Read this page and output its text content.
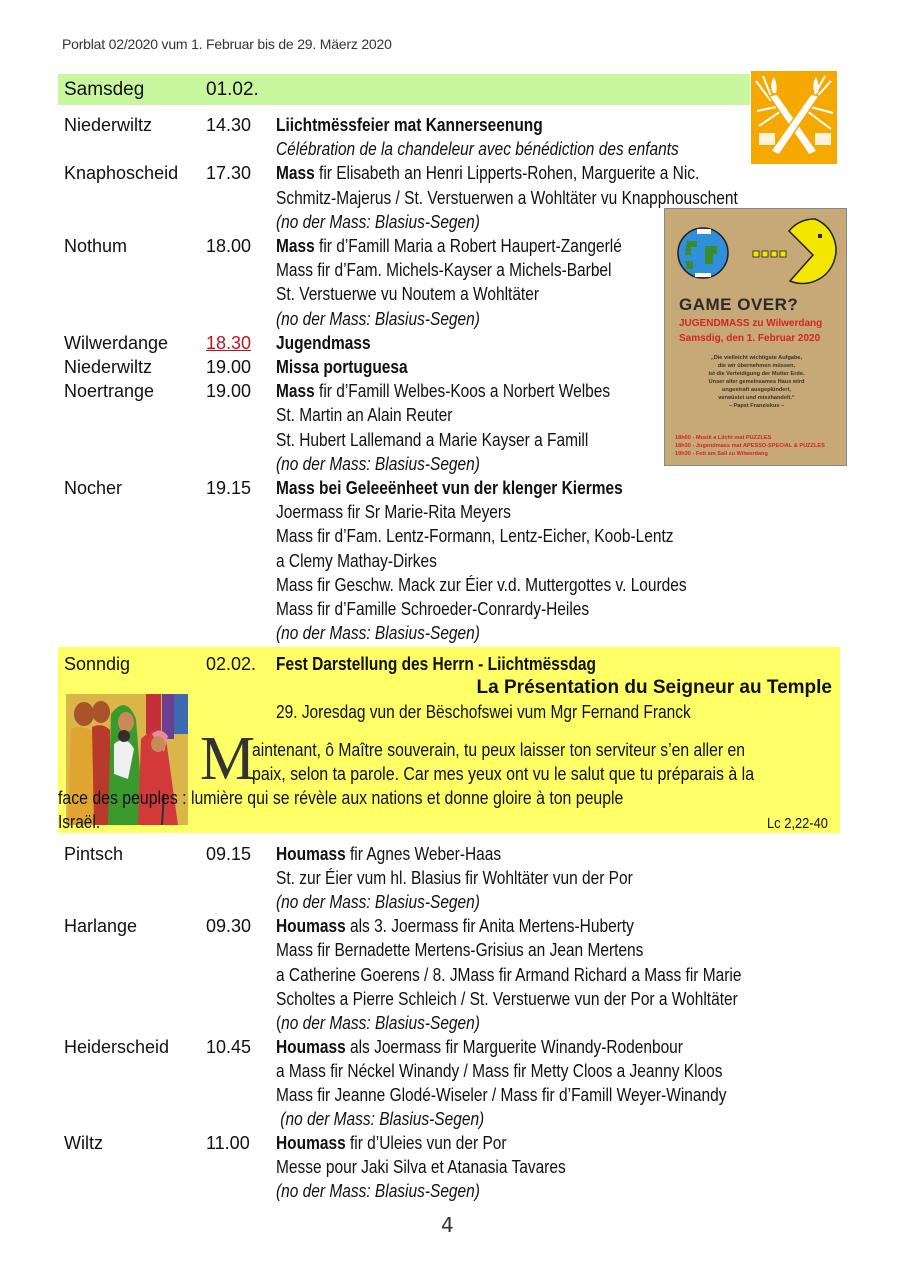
Porblat 02/2020 vum 1. Februar bis de 29. Mäerz 2020
Samsdeg	01.02.
GAME OVER?
JUGENDMASS zu Wilwerdang
Samsdig, den 1. Februar 2020
„Die vielleicht wichtigste Aufgabe,
die wir übernehmen müssen,
ist die Verteidigung der Mutter Erde.
Unser aller gemeinsames Haus wird
ungestraft ausgeplündert,
verwüstet und misshandelt.“
– Papst Franziskus –
18h00 - Musik a Liicht mat PUZZLES
18h30 - Jugendmass mat APESSO-SPECIAL & PUZZLES
19h30 - Fett am Sall zu Wilwerdang
Niederwiltz	14.30 Liichtmëssfeier mat Kannerseenung
Célébration de la chandeleur avec bénédiction des enfants
Knaphoscheid 17.30 Mass fir Elisabeth an Henri Lipperts-Rohen, Marguerite a Nic.
Schmitz-Majerus / St. Verstuerwen a Wohltäter vu Knapphouschent
(no der Mass: Blasius-Segen)
Nothum	18.00 Mass fir d’Famill Maria a Robert Haupert-Zangerlé
Mass fir d’Fam. Michels-Kayser a Michels-Barbel
St. Verstuerwe vu Noutem a Wohltäter
(no der Mass: Blasius-Segen)
Wilwerdange 18.30 Jugendmass
Niederwiltz	19.00 Missa portuguesa
Noertrange	19.00 Mass fir d’Famill Welbes-Koos a Norbert Welbes
St. Martin an Alain Reuter
St. Hubert Lallemand a Marie Kayser a Famill
(no der Mass: Blasius-Segen)
Nocher	19.15 Mass bei Geleeënheet vun der klenger Kiermes
Joermass fir Sr Marie-Rita Meyers
Mass fir d’Fam. Lentz-Formann, Lentz-Eicher, Koob-Lentz
a Clemy Mathay-Dirkes
Mass fir Geschw. Mack zur Éier v.d. Muttergottes v. Lourdes
Mass fir d’Famille Schroeder-Conrardy-Heiles
(no der Mass: Blasius-Segen)
Sonndig	02.02. Fest Darstellung des Herrn - Liichtmëssdag
La Présentation du Seigneur au Temple
29. Joresdag vun der Bëschofswei vum Mgr Fernand Franck
M
aintenant, ô Maître souverain, tu peux laisser ton serviteur s’en aller en
paix, selon ta parole. Car mes yeux ont vu le salut que tu préparais à la
face des peuples : lumière qui se révèle aux nations et donne gloire à ton peuple
Israël.	Lc 2,22-40
Pintsch	09.15 Houmass fir Agnes Weber-Haas
St. zur Éier vum hl. Blasius fir Wohltäter vun der Por
(no der Mass: Blasius-Segen)
Harlange	09.30 Houmass als 3. Joermass fir Anita Mertens-Huberty
Mass fir Bernadette Mertens-Grisius an Jean Mertens
a Catherine Goerens / 8. JMass fir Armand Richard a Mass fir Marie
Scholtes a Pierre Schleich / St. Verstuerwe vun der Por a Wohltäter
(no der Mass: Blasius-Segen)
Heiderscheid 10.45 Houmass als Joermass fir Marguerite Winandy-Rodenbour
a Mass fir Néckel Winandy / Mass fir Metty Cloos a Jeanny Kloos
Mass fir Jeanne Glodé-Wiseler / Mass fir d’Famill Weyer-Winandy
(no der Mass: Blasius-Segen)
Wiltz	11.00 Houmass fir d’Uleies vun der Por
Messe pour Jaki Silva et Atanasia Tavares
(no der Mass: Blasius-Segen)
4
